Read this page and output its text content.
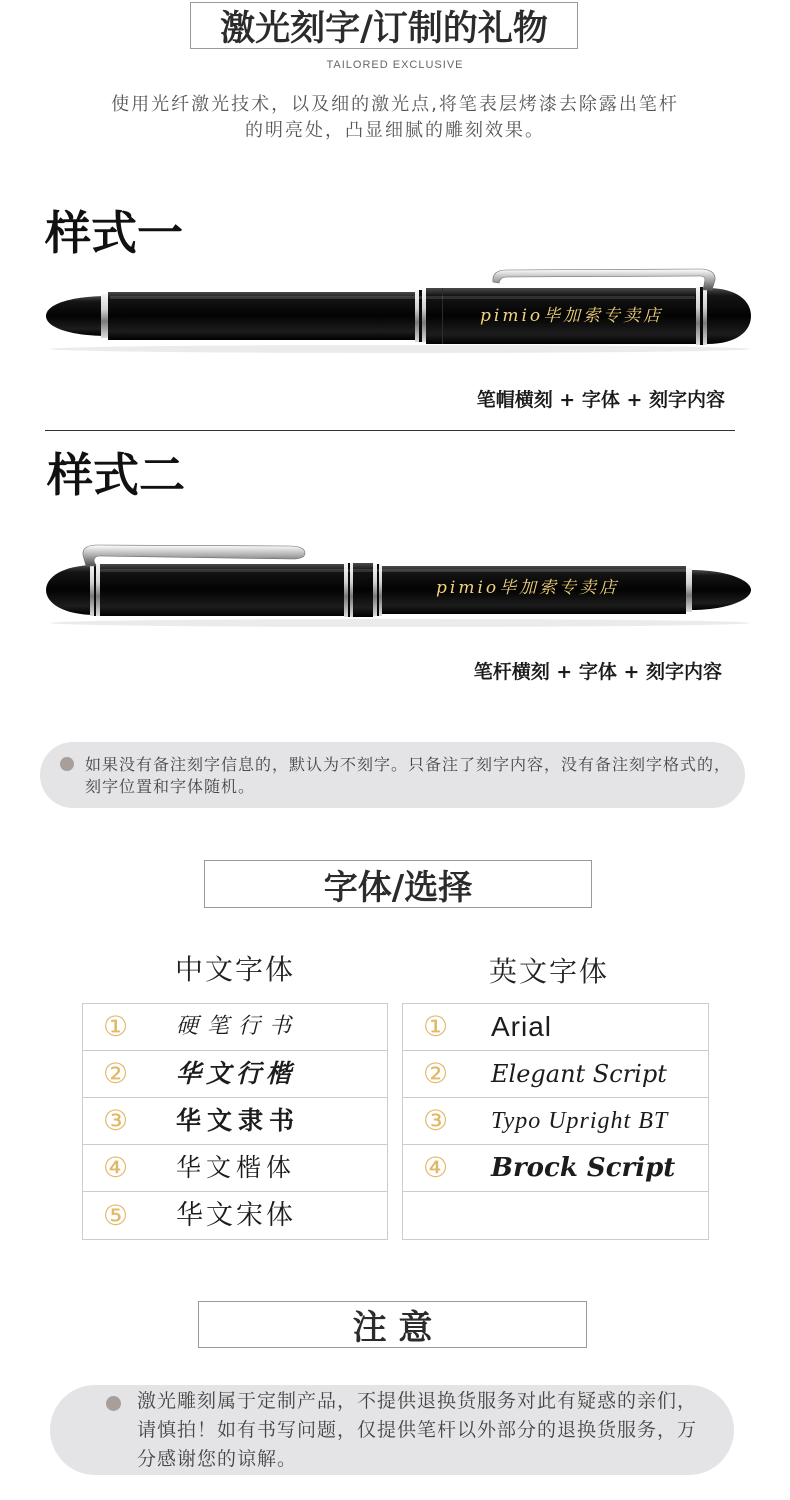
激光刻字/订制的礼物
TAILORED EXCLUSIVE
使用光纤激光技术，以及细的激光点,将笔表层烤漆去除露出笔杆
的明亮处，凸显细腻的雕刻效果。
样式一
pimio毕加索专卖店
笔帽横刻 + 字体 + 刻字内容
样式二
pimio毕加索专卖店
笔杆横刻 + 字体 + 刻字内容
如果没有备注刻字信息的，默认为不刻字。只备注了刻字内容，没有备注刻字格式的，
刻字位置和字体随机。
字体/选择
中文字体	英文字体
① 硬笔行书
② 华文行楷
③ 华文隶书
④ 华文楷体
⑤ 华文宋体
① Arial
② Elegant Script
③ Typo Upright BT
④ Brock Script
注 意
激光雕刻属于定制产品，不提供退换货服务对此有疑惑的亲们，
请慎拍！如有书写问题，仅提供笔杆以外部分的退换货服务，万
分感谢您的谅解。
